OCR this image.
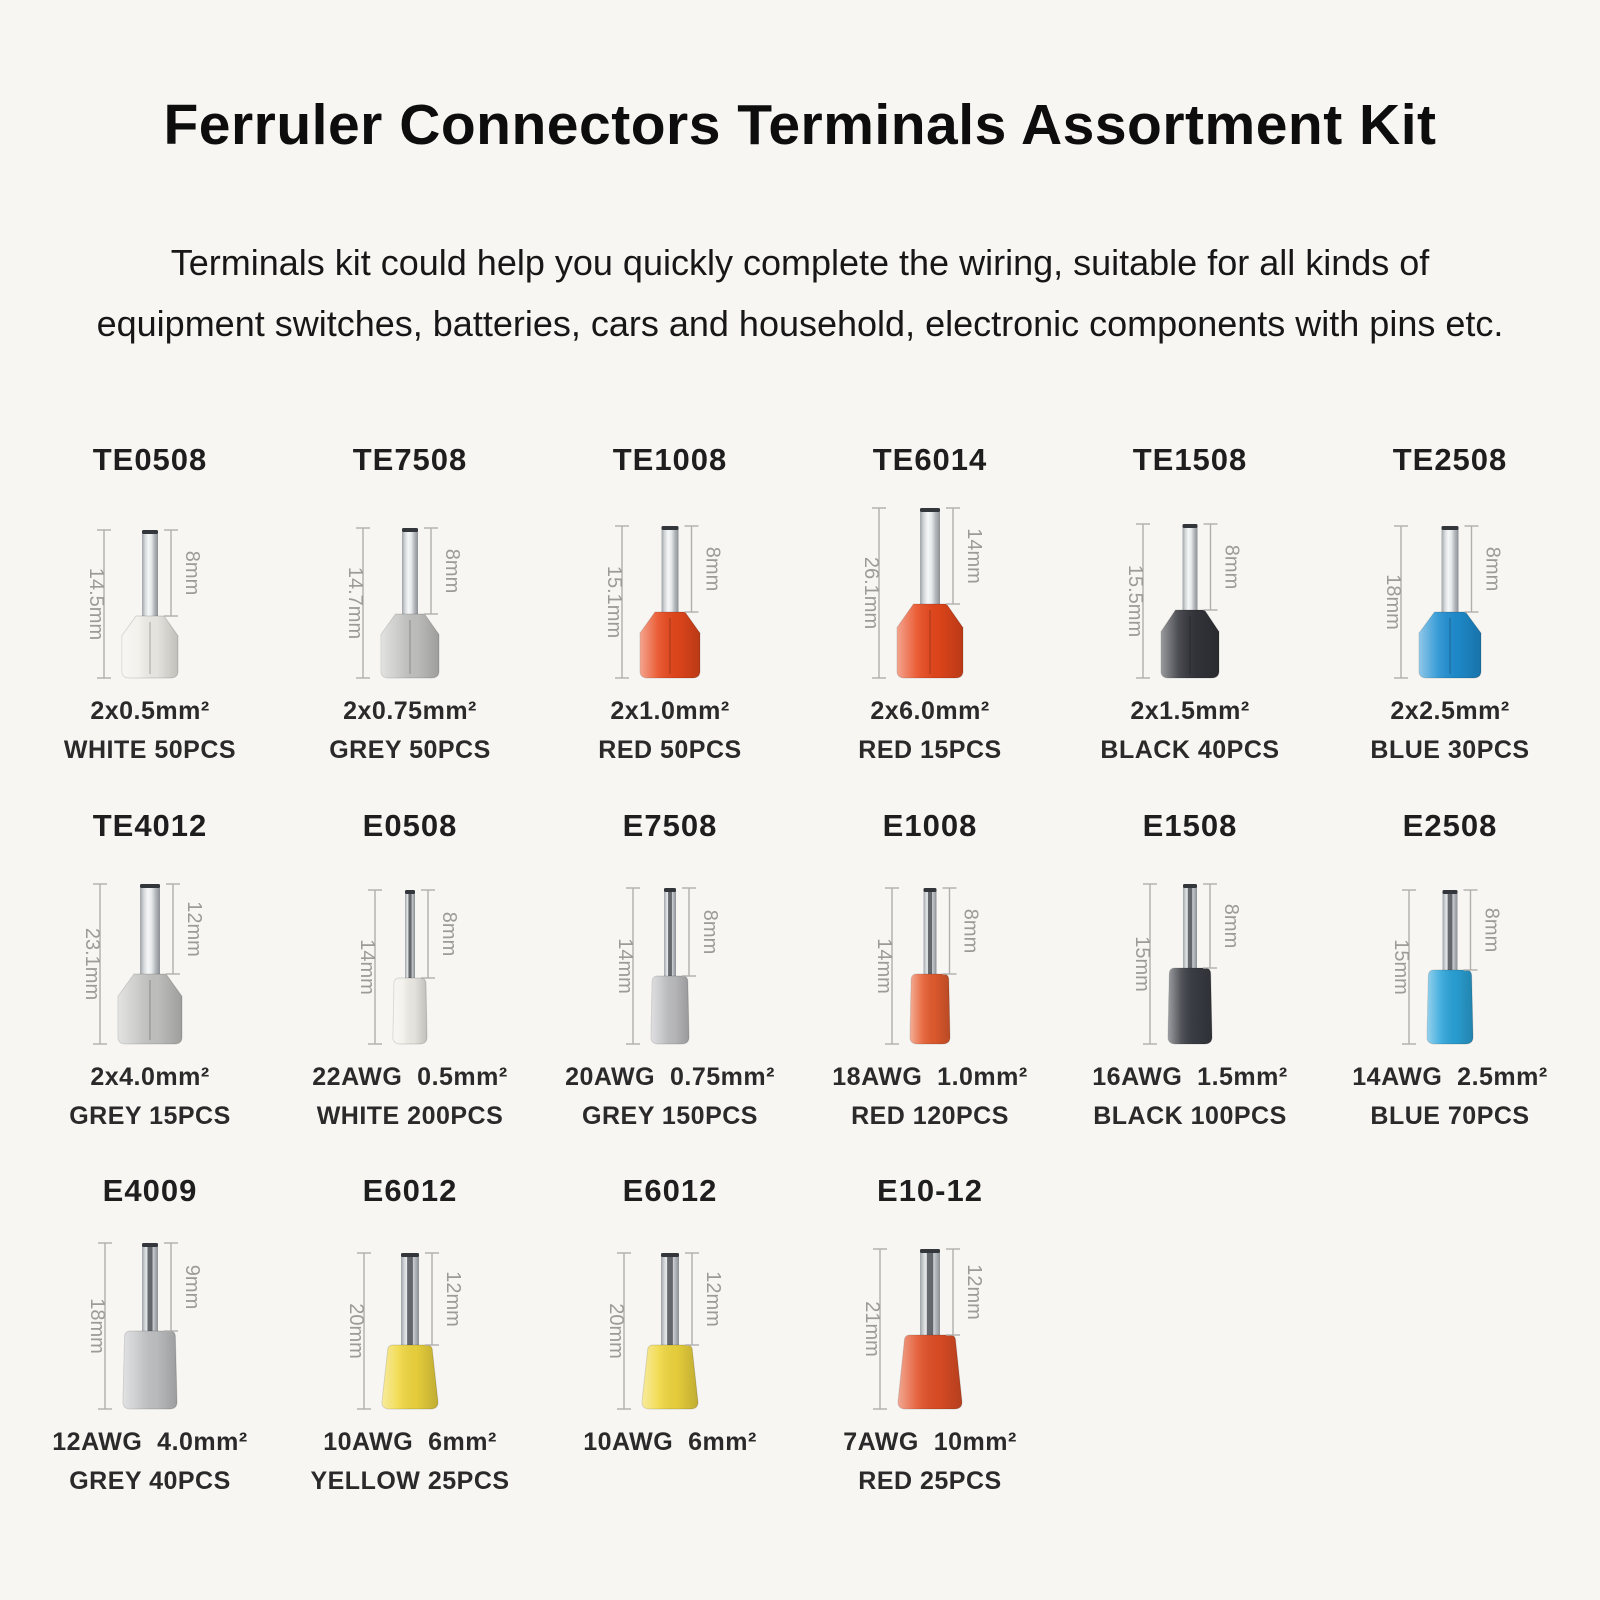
Ferruler Connectors Terminals Assortment Kit

Terminals kit could help you quickly complete the wiring, suitable for all kinds of
equipment switches, batteries, cars and household, electronic components with pins etc.

TE0508
14.5mm	8mm
2x0.5mm²
WHITE 50PCS
TE7508
14.7mm	8mm
2x0.75mm²
GREY 50PCS
TE1008
15.1mm	8mm
2x1.0mm²
RED 50PCS
TE6014
26.1mm
14mm
2x6.0mm²
RED 15PCS
TE1508
15.5mm	8mm
2x1.5mm²
BLACK 40PCS
TE2508
18mm
8mm
2x2.5mm²
BLUE 30PCS
TE4012
23.1mm	12mm
2x4.0mm²
GREY 15PCS
E0508
14mm
8mm
22AWG  0.5mm²
WHITE 200PCS
E7508
14mm
8mm
20AWG  0.75mm²
GREY 150PCS
E1008
14mm
8mm
18AWG  1.0mm²
RED 120PCS
E1508
15mm
8mm
16AWG  1.5mm²
BLACK 100PCS
E2508
15mm
8mm
14AWG  2.5mm²
BLUE 70PCS
E4009
18mm
9mm
12AWG  4.0mm²
GREY 40PCS
E6012
20mm
12mm
10AWG  6mm²
YELLOW 25PCS
E6012
20mm
12mm
10AWG  6mm²
E10-12
21mm
12mm
7AWG  10mm²
RED 25PCS
